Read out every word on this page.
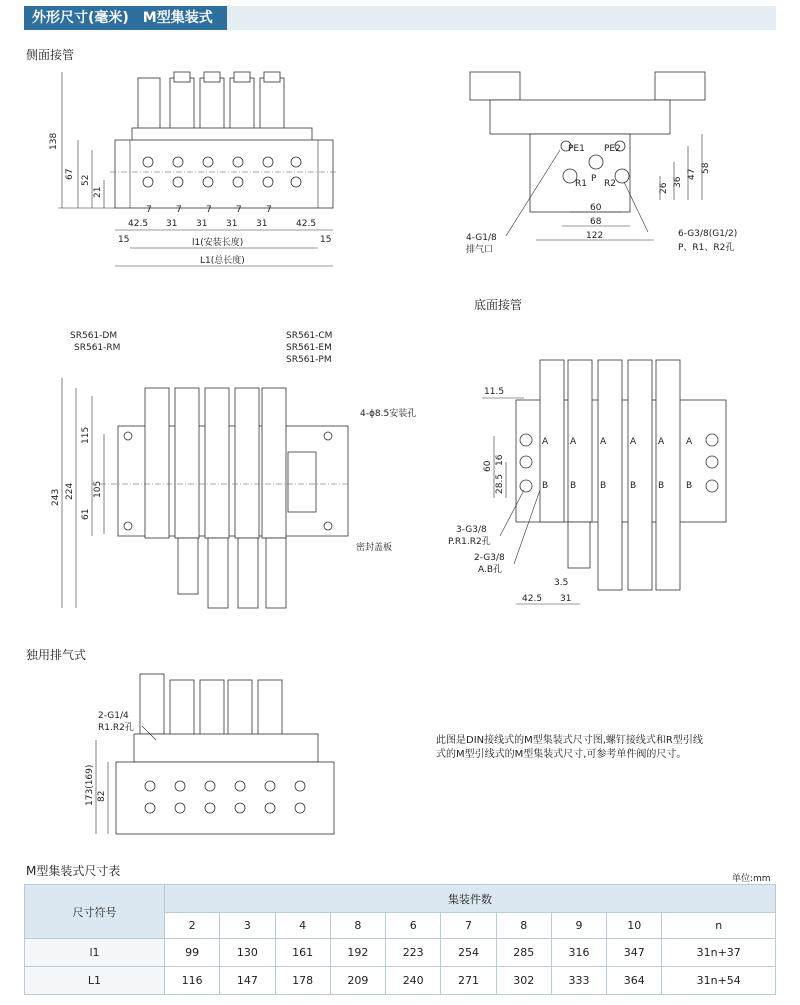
外形尺寸(毫米)　M型集装式
侧面接管
底面接管
独用排气式
M型集装式尺寸表
138
67
52
21
7	7	7	7	7
42.5 31 31 31 31	42.5
15	15
l1(安装长度)
L1(总长度)
PE1 PE2
P
R1 R2
60
68
122
26
36
47
58
4-G1/8
排气口
6-G3/8(G1/2)
P、R1、R2孔
SR561-DM
SR561-RM
SR561-CM
SR561-EM
SR561-PM
243 224
115
105
61
4-ϕ8.5安装孔
密封盖板
A
B
A
B
A
B
A
B
A
B
A
B
11.5
60
28.5
16
3-G3/8
P.R1.R2孔
2-G3/8
A.B孔
3.5
42.5 31
2-G1/4
R1.R2孔
173(169) 82
此图是DIN接线式的M型集装式尺寸图,螺钉接线式和R型引线
式的M型引线式的M型集装式尺寸,可参考单件阀的尺寸。
单位:mm
尺寸符号	集装件数									
	2	3	4	8	6	7	8	9	10	n
l1	99	130	161	192	223	254	285	316	347	31n+37
L1	116	147	178	209	240	271	302	333	364	31n+54
